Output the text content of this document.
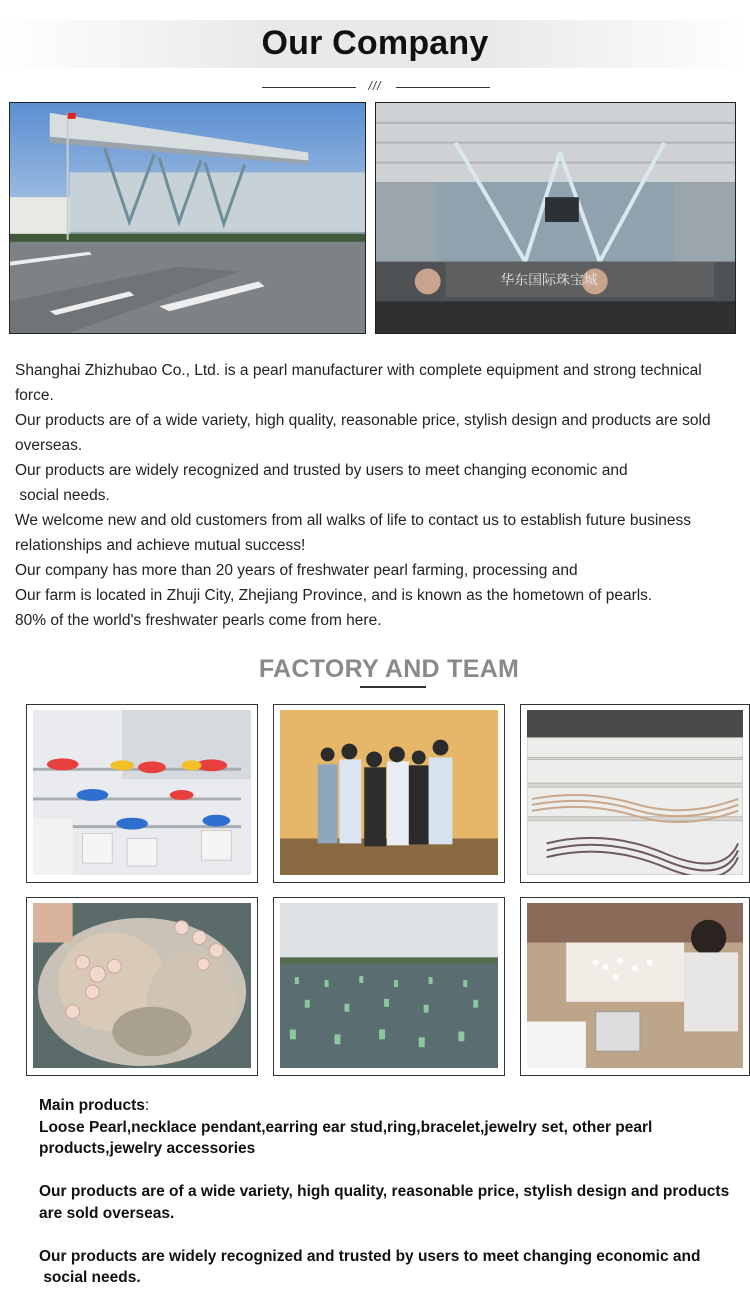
Our Company
///
华东国际珠宝城

Shanghai Zhizhubao Co., Ltd. is a pearl manufacturer with complete equipment and strong technical force.

Our products are of a wide variety, high quality, reasonable price, stylish design and products are sold overseas.

Our products are widely recognized and trusted by users to meet changing economic and
social needs.

We welcome new and old customers from all walks of life to contact us to establish future business relationships and achieve mutual success!

Our company has more than 20 years of freshwater pearl farming, processing and

Our farm is located in Zhuji City, Zhejiang Province, and is known as the hometown of pearls.

80% of the world's freshwater pearls come from here.

FACTORY AND TEAM

Main products:

Loose Pearl,necklace pendant,earring ear stud,ring,bracelet,jewelry set, other pearl products,jewelry accessories

Our products are of a wide variety, high quality, reasonable price, stylish design and products are sold overseas.

Our products are widely recognized and trusted by users to meet changing economic and
social needs.
